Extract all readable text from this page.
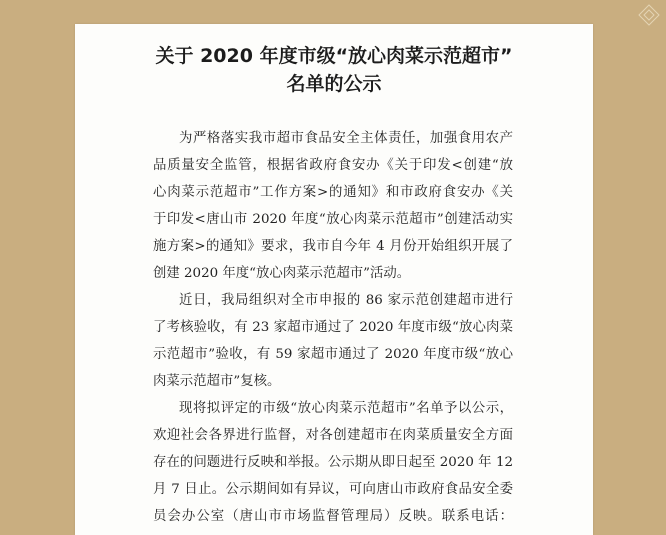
关于 2020 年度市级“放心肉菜示范超市”
名单的公示
为严格落实我市超市食品安全主体责任，加强食用农产
品质量安全监管，根据省政府食安办《关于印发<创建“放
心肉菜示范超市”工作方案>的通知》和市政府食安办《关
于印发<唐山市 2020 年度“放心肉菜示范超市”创建活动实
施方案>的通知》要求，我市自今年 4 月份开始组织开展了
创建 2020 年度“放心肉菜示范超市”活动。
近日，我局组织对全市申报的 86 家示范创建超市进行
了考核验收，有 23 家超市通过了 2020 年度市级“放心肉菜
示范超市”验收，有 59 家超市通过了 2020 年度市级“放心
肉菜示范超市”复核。
现将拟评定的市级“放心肉菜示范超市”名单予以公示，
欢迎社会各界进行监督，对各创建超市在肉菜质量安全方面
存在的问题进行反映和举报。公示期从即日起至 2020 年 12
月 7 日止。公示期间如有异议，可向唐山市政府食品安全委
员会办公室（唐山市市场监督管理局）反映。联系电话：
